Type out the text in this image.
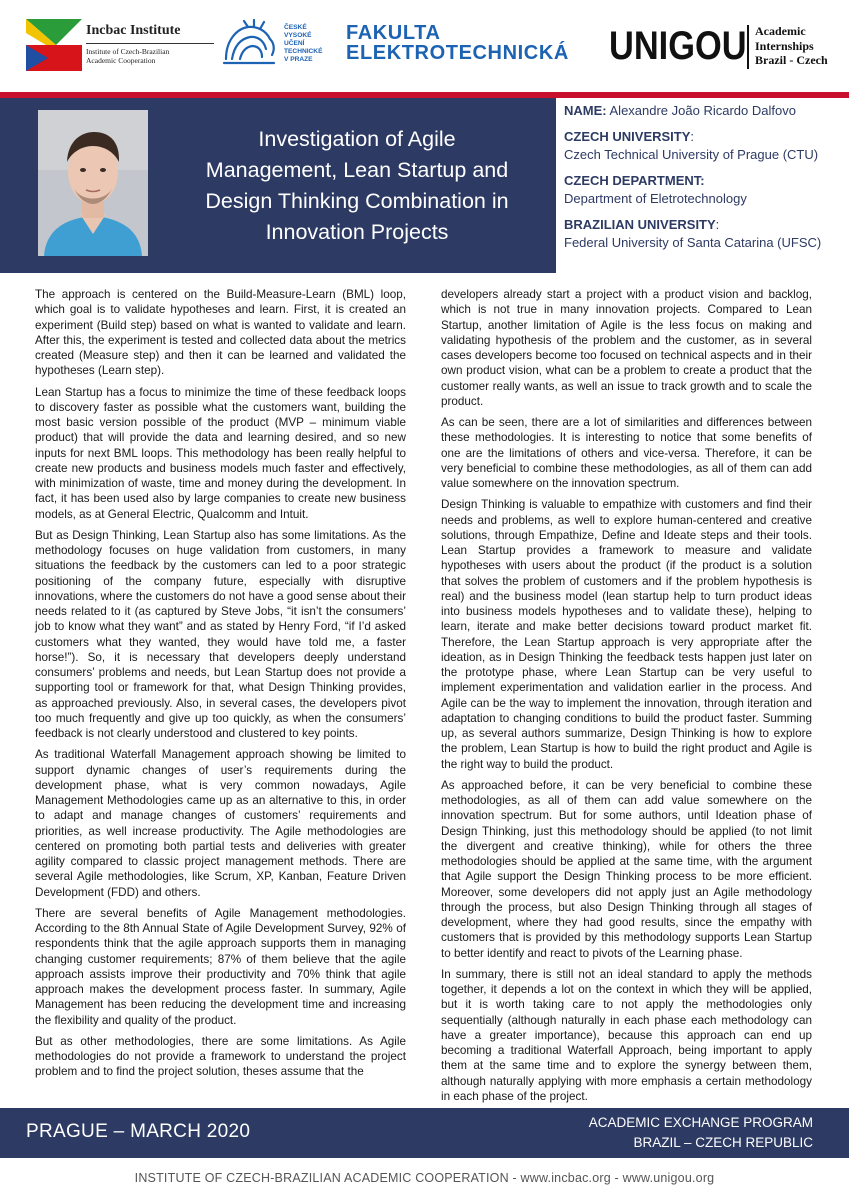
Incbac Institute
Institute of Czech-Brazilian
Academic Cooperation
ČESKÉ
VYSOKÉ
UČENÍ
TECHNICKÉ
V PRAZE
FAKULTA
ELEKTROTECHNICKÁ UNIGOU Academic
Internships
Brazil - Czech
Investigation of Agile
Management, Lean Startup and
Design Thinking Combination in
Innovation Projects
NAME: Alexandre João Ricardo Dalfovo
CZECH UNIVERSITY:
Czech Technical University of Prague (CTU)
CZECH DEPARTMENT:
Department of Eletrotechnology
BRAZILIAN UNIVERSITY:
Federal University of Santa Catarina (UFSC)

The approach is centered on the Build-Measure-Learn (BML) loop, which goal is to validate hypotheses and learn. First, it is created an experiment (Build step) based on what is wanted to validate and learn. After this, the experiment is tested and collected data about the metrics created (Measure step) and then it can be learned and validated the hypotheses (Learn step).

Lean Startup has a focus to minimize the time of these feedback loops to discovery faster as possible what the customers want, building the most basic version possible of the product (MVP – minimum viable product) that will provide the data and learning desired, and so new inputs for next BML loops. This methodology has been really helpful to create new products and business models much faster and effectively, with minimization of waste, time and money during the development. In fact, it has been used also by large companies to create new business models, as at General Electric, Qualcomm and Intuit.

But as Design Thinking, Lean Startup also has some limitations. As the methodology focuses on huge validation from customers, in many situations the feedback by the customers can led to a poor strategic positioning of the company future, especially with disruptive innovations, where the customers do not have a good sense about their needs related to it (as captured by Steve Jobs, “it isn’t the consumers’ job to know what they want” and as stated by Henry Ford, “if I’d asked customers what they wanted, they would have told me, a faster horse!”). So, it is necessary that developers deeply understand consumers’ problems and needs, but Lean Startup does not provide a supporting tool or framework for that, what Design Thinking provides, as approached previously. Also, in several cases, the developers pivot too much frequently and give up too quickly, as when the consumers’ feedback is not clearly understood and clustered to key points.

As traditional Waterfall Management approach showing be limited to support dynamic changes of user’s requirements during the development phase, what is very common nowadays, Agile Management Methodologies came up as an alternative to this, in order to adapt and manage changes of customers’ requirements and priorities, as well increase productivity. The Agile methodologies are centered on promoting both partial tests and deliveries with greater agility compared to classic project management methods. There are several Agile methodologies, like Scrum, XP, Kanban, Feature Driven Development (FDD) and others.

There are several benefits of Agile Management methodologies. According to the 8th Annual State of Agile Development Survey, 92% of respondents think that the agile approach supports them in managing changing customer requirements; 87% of them believe that the agile approach assists improve their productivity and 70% think that agile approach makes the development process faster. In summary, Agile Management has been reducing the development time and increasing the flexibility and quality of the product.

But as other methodologies, there are some limitations. As Agile methodologies do not provide a framework to understand the project problem and to find the project solution, theses assume that the

developers already start a project with a product vision and backlog, which is not true in many innovation projects. Compared to Lean Startup, another limitation of Agile is the less focus on making and validating hypothesis of the problem and the customer, as in several cases developers become too focused on technical aspects and in their own product vision, what can be a problem to create a product that the customer really wants, as well an issue to track growth and to scale the product.

As can be seen, there are a lot of similarities and differences between these methodologies. It is interesting to notice that some benefits of one are the limitations of others and vice-versa. Therefore, it can be very beneficial to combine these methodologies, as all of them can add value somewhere on the innovation spectrum.

Design Thinking is valuable to empathize with customers and find their needs and problems, as well to explore human-centered and creative solutions, through Empathize, Define and Ideate steps and their tools. Lean Startup provides a framework to measure and validate hypotheses with users about the product (if the product is a solution that solves the problem of customers and if the problem hypothesis is real) and the business model (lean startup help to turn product ideas into business models hypotheses and to validate these), helping to learn, iterate and make better decisions toward product market fit. Therefore, the Lean Startup approach is very appropriate after the ideation, as in Design Thinking the feedback tests happen just later on the prototype phase, where Lean Startup can be very useful to implement experimentation and validation earlier in the process. And Agile can be the way to implement the innovation, through iteration and adaptation to changing conditions to build the product faster. Summing up, as several authors summarize, Design Thinking is how to explore the problem, Lean Startup is how to build the right product and Agile is the right way to build the product.

As approached before, it can be very beneficial to combine these methodologies, as all of them can add value somewhere on the innovation spectrum. But for some authors, until Ideation phase of Design Thinking, just this methodology should be applied (to not limit the divergent and creative thinking), while for others the three methodologies should be applied at the same time, with the argument that Agile support the Design Thinking process to be more efficient. Moreover, some developers did not apply just an Agile methodology through the process, but also Design Thinking through all stages of development, where they had good results, since the empathy with customers that is provided by this methodology supports Lean Startup to better identify and react to pivots of the Learning phase.

In summary, there is still not an ideal standard to apply the methods together, it depends a lot on the context in which they will be applied, but it is worth taking care to not apply the methodologies only sequentially (although naturally in each phase each methodology can have a greater importance), because this approach can end up becoming a traditional Waterfall Approach, being important to apply them at the same time and to explore the synergy between them, although naturally applying with more emphasis a certain methodology in each phase of the project.

PRAGUE – MARCH 2020	ACADEMIC EXCHANGE PROGRAM
BRAZIL – CZECH REPUBLIC
INSTITUTE OF CZECH-BRAZILIAN ACADEMIC COOPERATION - www.incbac.org - www.unigou.org
